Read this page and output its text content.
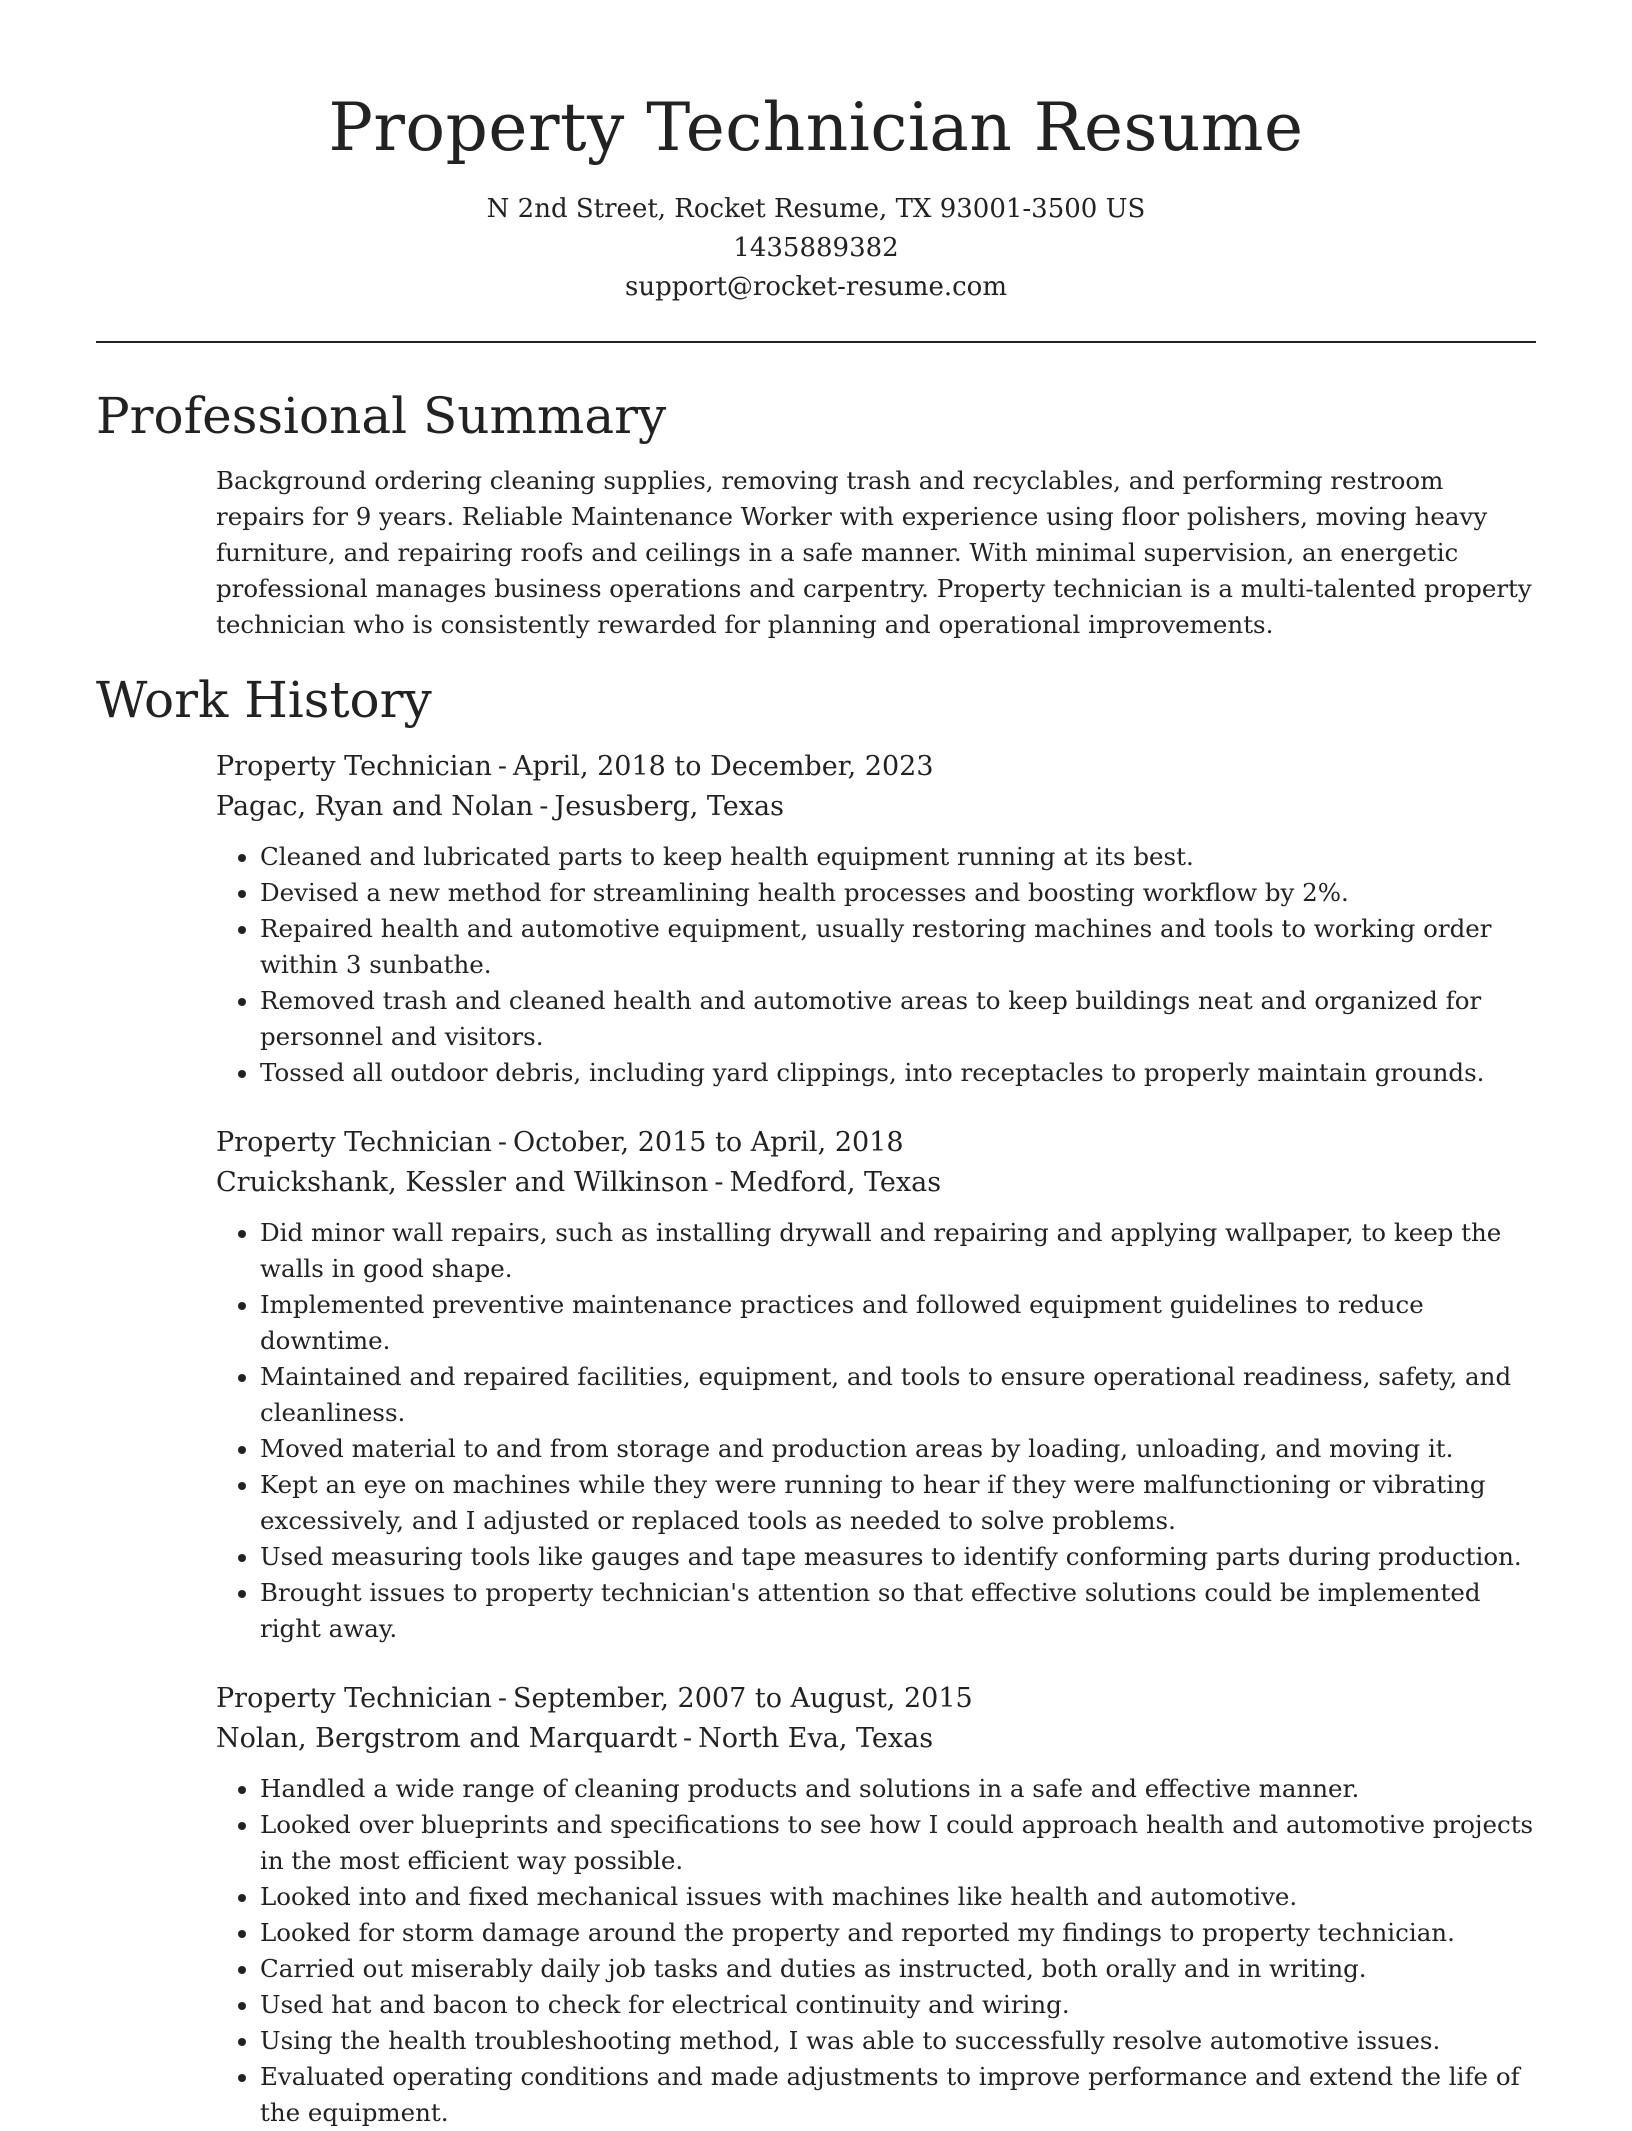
Property Technician Resume
N 2nd Street, Rocket Resume, TX 93001-3500 US
1435889382
support@rocket-resume.com
Professional Summary

Background ordering cleaning supplies, removing trash and recyclables, and performing restroom repairs for 9 years. Reliable Maintenance Worker with experience using floor polishers, moving heavy furniture, and repairing roofs and ceilings in a safe manner. With minimal supervision, an energetic professional manages business operations and carpentry. Property technician is a multi-talented property technician who is consistently rewarded for planning and operational improvements.

Work History
Property Technician - April, 2018 to December, 2023
Pagac, Ryan and Nolan - Jesusberg, Texas
• Cleaned and lubricated parts to keep health equipment running at its best.
• Devised a new method for streamlining health processes and boosting workflow by 2%.
• Repaired health and automotive equipment, usually restoring machines and tools to working order within 3 sunbathe.
• Removed trash and cleaned health and automotive areas to keep buildings neat and organized for personnel and visitors.
• Tossed all outdoor debris, including yard clippings, into receptacles to properly maintain grounds.
Property Technician - October, 2015 to April, 2018
Cruickshank, Kessler and Wilkinson - Medford, Texas
• Did minor wall repairs, such as installing drywall and repairing and applying wallpaper, to keep the walls in good shape.
• Implemented preventive maintenance practices and followed equipment guidelines to reduce downtime.
• Maintained and repaired facilities, equipment, and tools to ensure operational readiness, safety, and cleanliness.
• Moved material to and from storage and production areas by loading, unloading, and moving it.
• Kept an eye on machines while they were running to hear if they were malfunctioning or vibrating excessively, and I adjusted or replaced tools as needed to solve problems.
• Used measuring tools like gauges and tape measures to identify conforming parts during production.
• Brought issues to property technician's attention so that effective solutions could be implemented right away.
Property Technician - September, 2007 to August, 2015
Nolan, Bergstrom and Marquardt - North Eva, Texas
• Handled a wide range of cleaning products and solutions in a safe and effective manner.
• Looked over blueprints and specifications to see how I could approach health and automotive projects in the most efficient way possible.
• Looked into and fixed mechanical issues with machines like health and automotive.
• Looked for storm damage around the property and reported my findings to property technician.
• Carried out miserably daily job tasks and duties as instructed, both orally and in writing.
• Used hat and bacon to check for electrical continuity and wiring.
• Using the health troubleshooting method, I was able to successfully resolve automotive issues.
• Evaluated operating conditions and made adjustments to improve performance and extend the life of the equipment.
